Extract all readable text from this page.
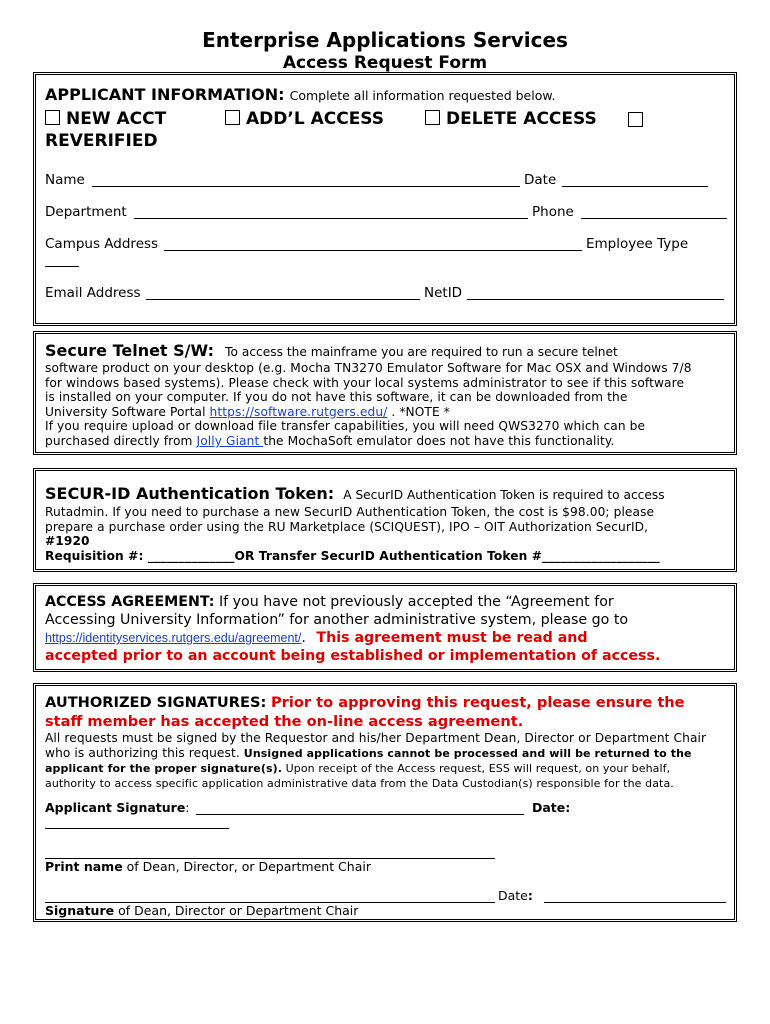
Enterprise Applications Services
Access Request Form
APPLICANT INFORMATION: Complete all information requested below.
NEW ACCT	ADD’L ACCESS	DELETE ACCESS
REVERIFIED
Name	Date
Department	Phone
Campus Address	Employee Type
Email Address	NetID
Secure Telnet S/W: To access the mainframe you are required to run a secure telnet

software product on your desktop (e.g. Mocha TN3270 Emulator Software for Mac OSX and Windows 7/8

for windows based systems). Please check with your local systems administrator to see if this software

is installed on your computer. If you do not have this software, it can be downloaded from the

University Software Portal https://software.rutgers.edu/ . *NOTE *

If you require upload or download file transfer capabilities, you will need QWS3270 which can be

purchased directly from Jolly Giant the MochaSoft emulator does not have this functionality.

SECUR-ID Authentication Token: A SecurID Authentication Token is required to access

Rutadmin. If you need to purchase a new SecurID Authentication Token, the cost is $98.00; please

prepare a purchase order using the RU Marketplace (SCIQUEST), IPO – OIT Authorization SecurID,

#1920

Requisition #: ______________OR Transfer SecurID Authentication Token #___________________

ACCESS AGREEMENT: If you have not previously accepted the “Agreement for
Accessing University Information” for another administrative system, please go to
https://identityservices.rutgers.edu/agreement/. This agreement must be read and
accepted prior to an account being established or implementation of access.
AUTHORIZED SIGNATURES: Prior to approving this request, please ensure the
staff member has accepted the on-line access agreement.

All requests must be signed by the Requestor and his/her Department Dean, Director or Department Chair

who is authorizing this request. Unsigned applications cannot be processed and will be returned to the

applicant for the proper signature(s). Upon receipt of the Access request, ESS will request, on your behalf,

authority to access specific application administrative data from the Data Custodian(s) responsible for the data.

Applicant Signature:	Date:
Print name of Dean, Director, or Department Chair
Date:
Signature of Dean, Director or Department Chair
